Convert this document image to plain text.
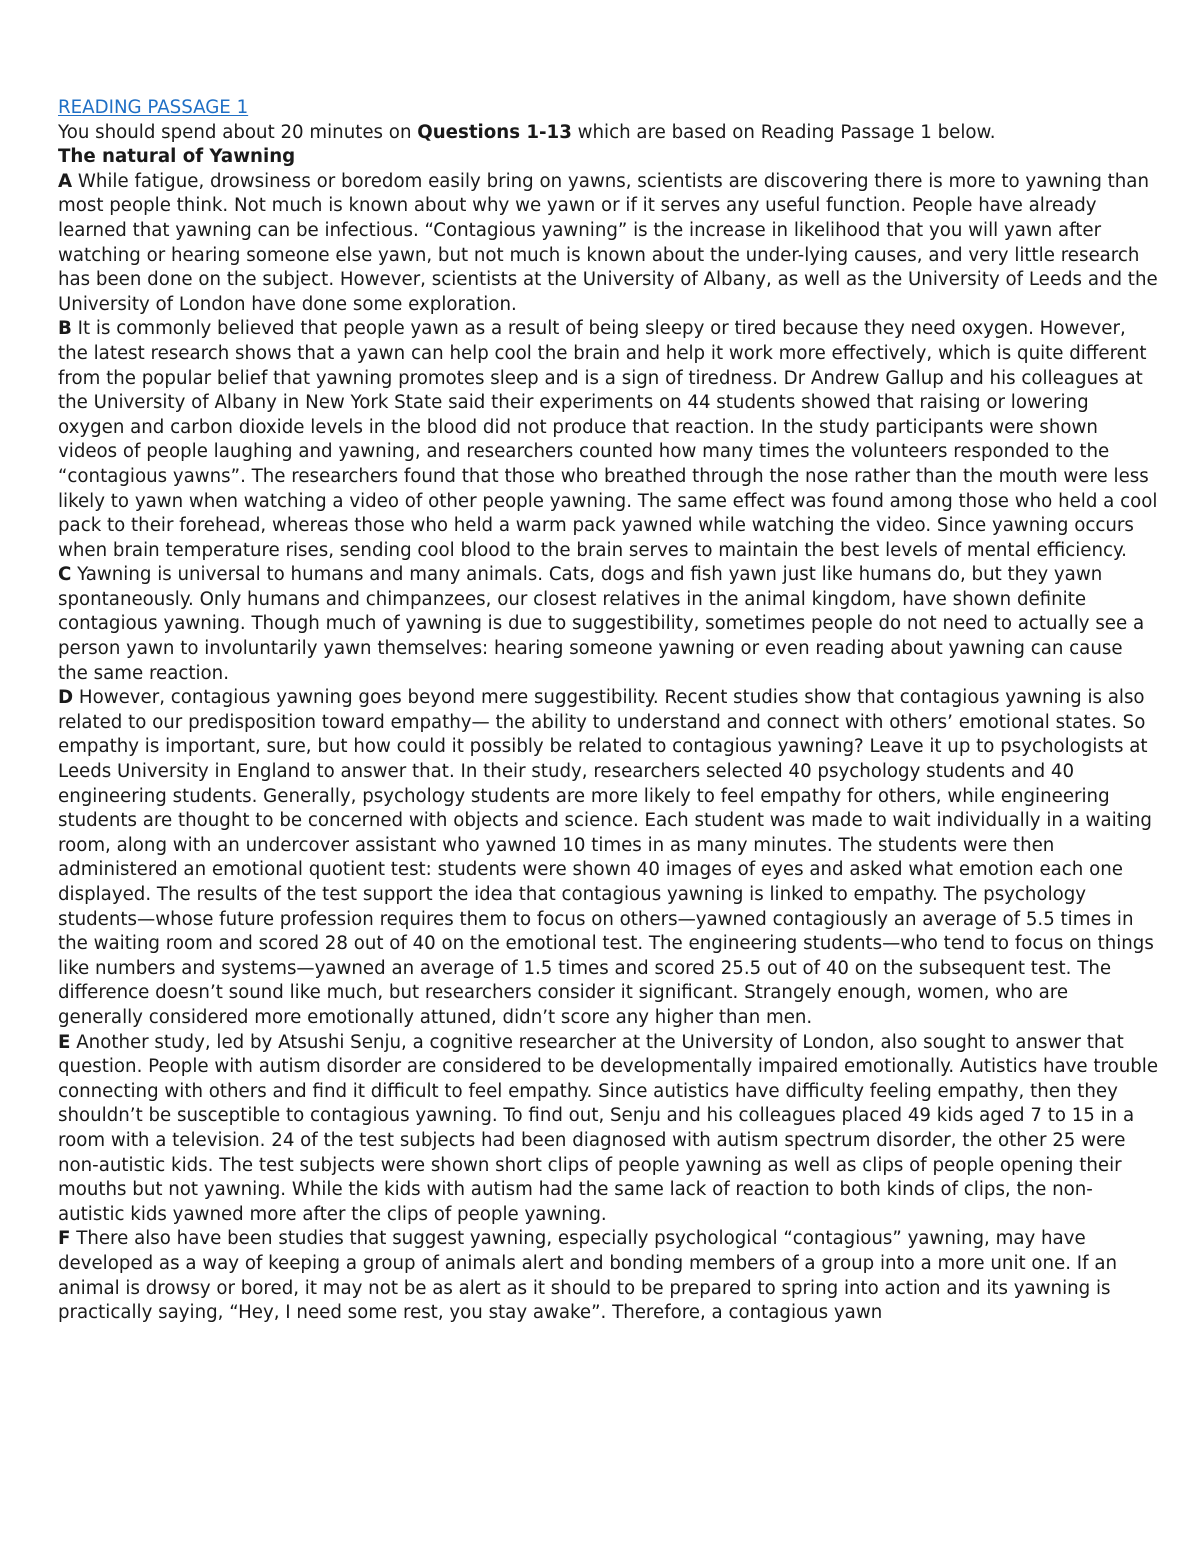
READING PASSAGE 1

You should spend about 20 minutes on Questions 1-13 which are based on Reading Passage 1 below.

The natural of Yawning

A While fatigue, drowsiness or boredom easily bring on yawns, scientists are discovering there is more to yawning than most people think. Not much is known about why we yawn or if it serves any useful function. People have already learned that yawning can be infectious. “Contagious yawning” is the increase in likelihood that you will yawn after watching or hearing someone else yawn, but not much is known about the under-lying causes, and very little research has been done on the subject. However, scientists at the University of Albany, as well as the University of Leeds and the University of London have done some exploration.

B It is commonly believed that people yawn as a result of being sleepy or tired because they need oxygen. However, the latest research shows that a yawn can help cool the brain and help it work more effectively, which is quite different from the popular belief that yawning promotes sleep and is a sign of tiredness. Dr Andrew Gallup and his colleagues at the University of Albany in New York State said their experiments on 44 students showed that raising or lowering oxygen and carbon dioxide levels in the blood did not produce that reaction. In the study participants were shown videos of people laughing and yawning, and researchers counted how many times the volunteers responded to the “contagious yawns”. The researchers found that those who breathed through the nose rather than the mouth were less likely to yawn when watching a video of other people yawning. The same effect was found among those who held a cool pack to their forehead, whereas those who held a warm pack yawned while watching the video. Since yawning occurs when brain temperature rises, sending cool blood to the brain serves to maintain the best levels of mental efficiency.

C Yawning is universal to humans and many animals. Cats, dogs and fish yawn just like humans do, but they yawn spontaneously. Only humans and chimpanzees, our closest relatives in the animal kingdom, have shown definite contagious yawning. Though much of yawning is due to suggestibility, sometimes people do not need to actually see a person yawn to involuntarily yawn themselves: hearing someone yawning or even reading about yawning can cause the same reaction.

D However, contagious yawning goes beyond mere suggestibility. Recent studies show that contagious yawning is also related to our predisposition toward empathy— the ability to understand and connect with others’ emotional states. So empathy is important, sure, but how could it possibly be related to contagious yawning? Leave it up to psychologists at Leeds University in England to answer that. In their study, researchers selected 40 psychology students and 40 engineering students. Generally, psychology students are more likely to feel empathy for others, while engineering students are thought to be concerned with objects and science. Each student was made to wait individually in a waiting room, along with an undercover assistant who yawned 10 times in as many minutes. The students were then administered an emotional quotient test: students were shown 40 images of eyes and asked what emotion each one displayed. The results of the test support the idea that contagious yawning is linked to empathy. The psychology students—whose future profession requires them to focus on others—yawned contagiously an average of 5.5 times in the waiting room and scored 28 out of 40 on the emotional test. The engineering students—who tend to focus on things like numbers and systems—yawned an average of 1.5 times and scored 25.5 out of 40 on the subsequent test. The difference doesn’t sound like much, but researchers consider it significant. Strangely enough, women, who are generally considered more emotionally attuned, didn’t score any higher than men.

E Another study, led by Atsushi Senju, a cognitive researcher at the University of London, also sought to answer that question. People with autism disorder are considered to be developmentally impaired emotionally. Autistics have trouble connecting with others and find it difficult to feel empathy. Since autistics have difficulty feeling empathy, then they shouldn’t be susceptible to contagious yawning. To find out, Senju and his colleagues placed 49 kids aged 7 to 15 in a room with a television. 24 of the test subjects had been diagnosed with autism spectrum disorder, the other 25 were non-autistic kids. The test subjects were shown short clips of people yawning as well as clips of people opening their mouths but not yawning. While the kids with autism had the same lack of reaction to both kinds of clips, the non-autistic kids yawned more after the clips of people yawning.

F There also have been studies that suggest yawning, especially psychological “contagious” yawning, may have developed as a way of keeping a group of animals alert and bonding members of a group into a more unit one. If an animal is drowsy or bored, it may not be as alert as it should to be prepared to spring into action and its yawning is practically saying, “Hey, I need some rest, you stay awake”. Therefore, a contagious yawn
